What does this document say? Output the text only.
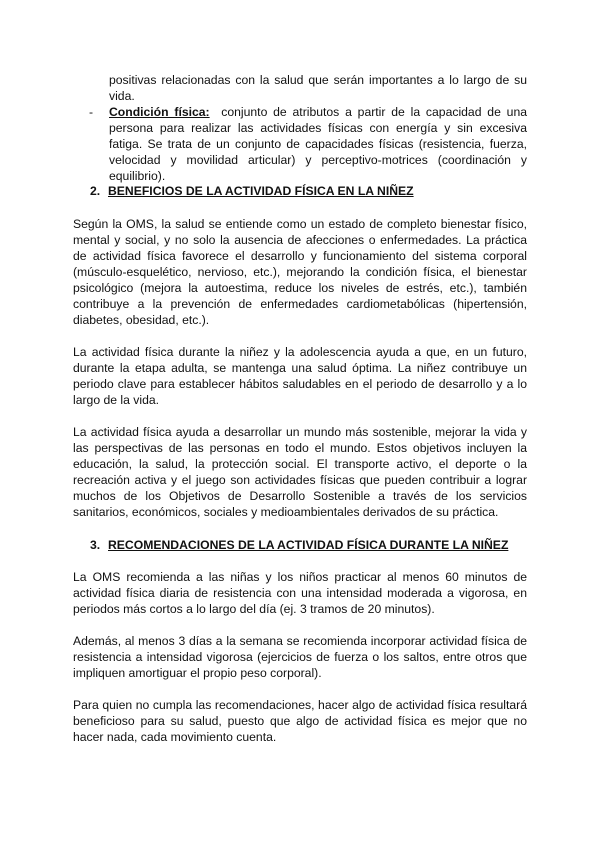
positivas relacionadas con la salud que serán importantes a lo largo de su vida.

- Condición física: conjunto de atributos a partir de la capacidad de una persona para realizar las actividades físicas con energía y sin excesiva fatiga. Se trata de un conjunto de capacidades físicas (resistencia, fuerza, velocidad y movilidad articular) y perceptivo-motrices (coordinación y equilibrio).

2. BENEFICIOS DE LA ACTIVIDAD FÍSICA EN LA NIÑEZ

Según la OMS, la salud se entiende como un estado de completo bienestar físico, mental y social, y no solo la ausencia de afecciones o enfermedades. La práctica de actividad física favorece el desarrollo y funcionamiento del sistema corporal (músculo-esquelético, nervioso, etc.), mejorando la condición física, el bienestar psicológico (mejora la autoestima, reduce los niveles de estrés, etc.), también contribuye a la prevención de enfermedades cardiometabólicas (hipertensión, diabetes, obesidad, etc.).

La actividad física durante la niñez y la adolescencia ayuda a que, en un futuro, durante la etapa adulta, se mantenga una salud óptima. La niñez contribuye un periodo clave para establecer hábitos saludables en el periodo de desarrollo y a lo largo de la vida.

La actividad física ayuda a desarrollar un mundo más sostenible, mejorar la vida y las perspectivas de las personas en todo el mundo. Estos objetivos incluyen la educación, la salud, la protección social. El transporte activo, el deporte o la recreación activa y el juego son actividades físicas que pueden contribuir a lograr muchos de los Objetivos de Desarrollo Sostenible a través de los servicios sanitarios, económicos, sociales y medioambientales derivados de su práctica.

3. RECOMENDACIONES DE LA ACTIVIDAD FÍSICA DURANTE LA NIÑEZ

La OMS recomienda a las niñas y los niños practicar al menos 60 minutos de actividad física diaria de resistencia con una intensidad moderada a vigorosa, en periodos más cortos a lo largo del día (ej. 3 tramos de 20 minutos).

Además, al menos 3 días a la semana se recomienda incorporar actividad física de resistencia a intensidad vigorosa (ejercicios de fuerza o los saltos, entre otros que impliquen amortiguar el propio peso corporal).

Para quien no cumpla las recomendaciones, hacer algo de actividad física resultará beneficioso para su salud, puesto que algo de actividad física es mejor que no hacer nada, cada movimiento cuenta.
